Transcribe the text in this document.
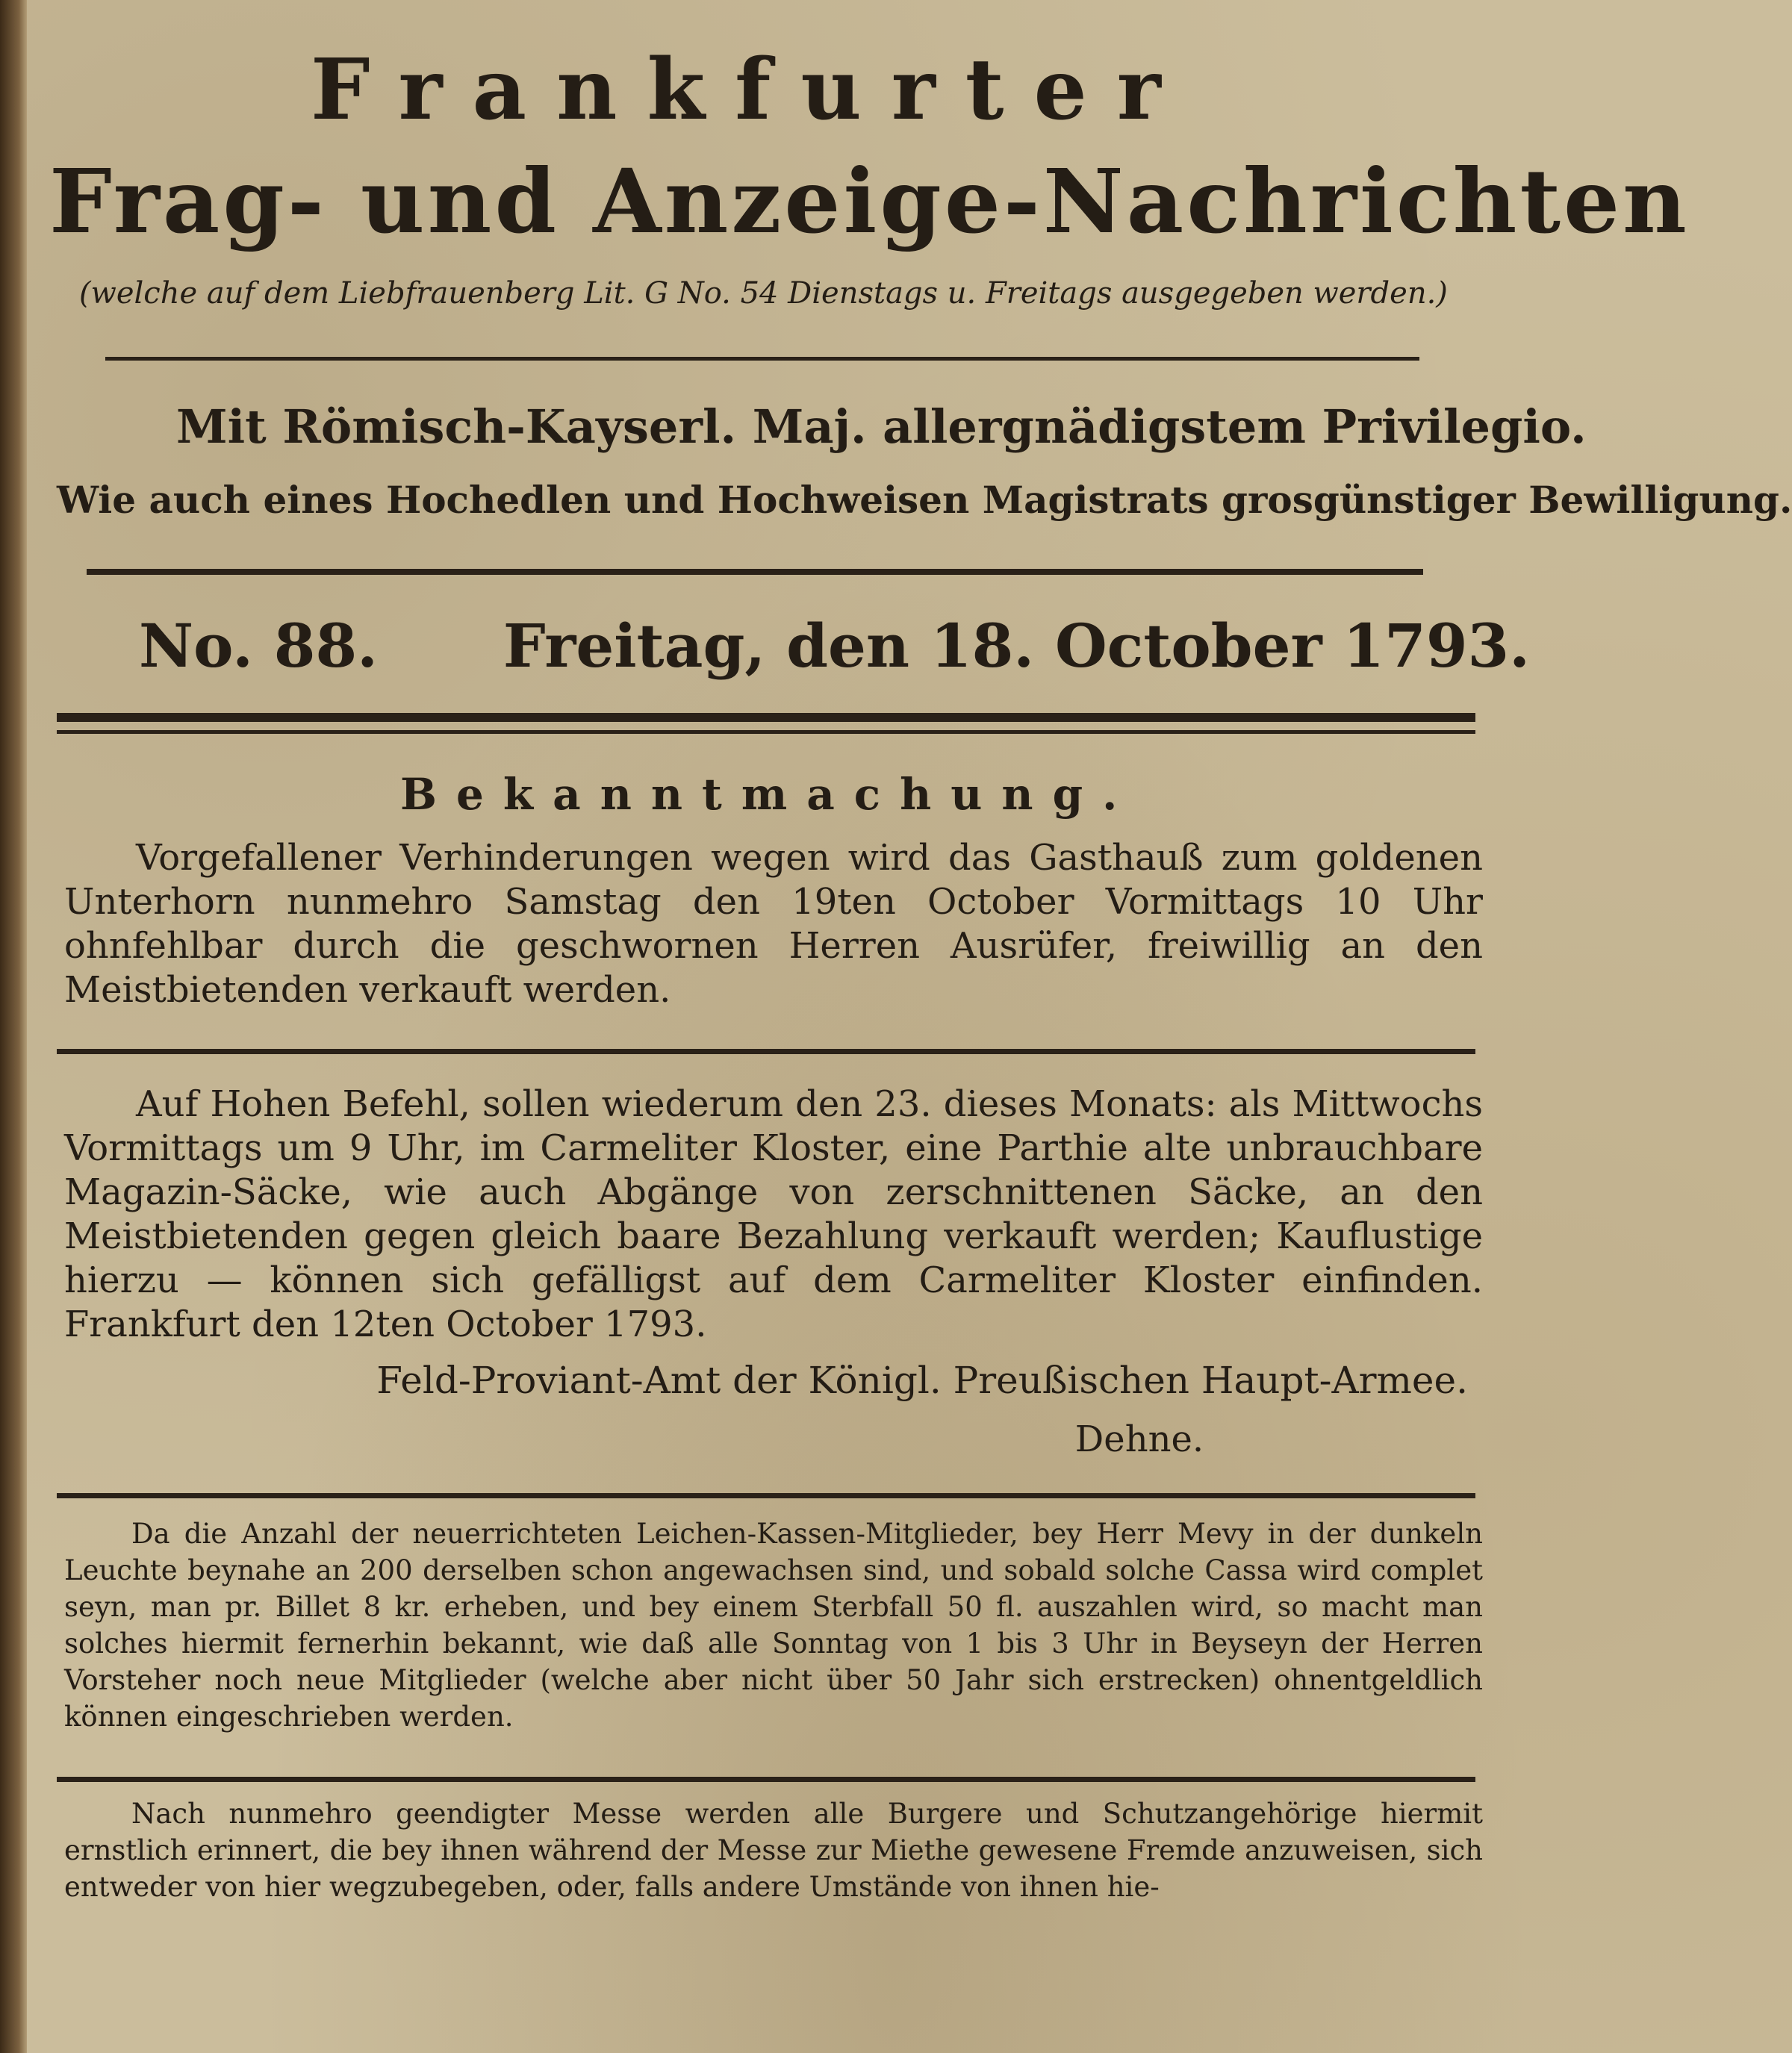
Frankfurter
Frag- und Anzeige-Nachrichten
(welche auf dem Liebfrauenberg Lit. G No. 54 Dienstags u. Freitags ausgegeben werden.)
Mit Römisch-Kayserl. Maj. allergnädigstem Privilegio.
Wie auch eines Hochedlen und Hochweisen Magistrats grosgünstiger Bewilligung.
No. 88. Freitag, den 18. October 1793.
Bekanntmachung.
Vorgefallener Verhinderungen wegen wird das Gasthauß zum goldenen Unterhorn nunmehro Samstag den 19ten October Vormittags 10 Uhr ohnfehlbar durch die geschwornen Herren Ausrüfer, freiwillig an den Meistbietenden verkauft werden.
Auf Hohen Befehl, sollen wiederum den 23. dieses Monats: als Mittwochs Vormittags um 9 Uhr, im Carmeliter Kloster, eine Parthie alte unbrauchbare Magazin-Säcke, wie auch Abgänge von zerschnittenen Säcke, an den Meistbietenden gegen gleich baare Bezahlung verkauft werden; Kauflustige hierzu — können sich gefälligst auf dem Carmeliter Kloster einfinden. Frankfurt den 12ten October 1793.
Feld-Proviant-Amt der Königl. Preußischen Haupt-Armee.
Dehne.
Da die Anzahl der neuerrichteten Leichen-Kassen-Mitglieder, bey Herr Mevy in der dunkeln Leuchte beynahe an 200 derselben schon angewachsen sind, und sobald solche Cassa wird complet seyn, man pr. Billet 8 kr. erheben, und bey einem Sterbfall 50 fl. auszahlen wird, so macht man solches hiermit fernerhin bekannt, wie daß alle Sonntag von 1 bis 3 Uhr in Beyseyn der Herren Vorsteher noch neue Mitglieder (welche aber nicht über 50 Jahr sich erstrecken) ohnentgeldlich können eingeschrieben werden.
Nach nunmehro geendigter Messe werden alle Burgere und Schutzangehörige hiermit ernstlich erinnert, die bey ihnen während der Messe zur Miethe gewesene Fremde anzuweisen, sich entweder von hier wegzubegeben, oder, falls andere Umstände von ihnen hie-
